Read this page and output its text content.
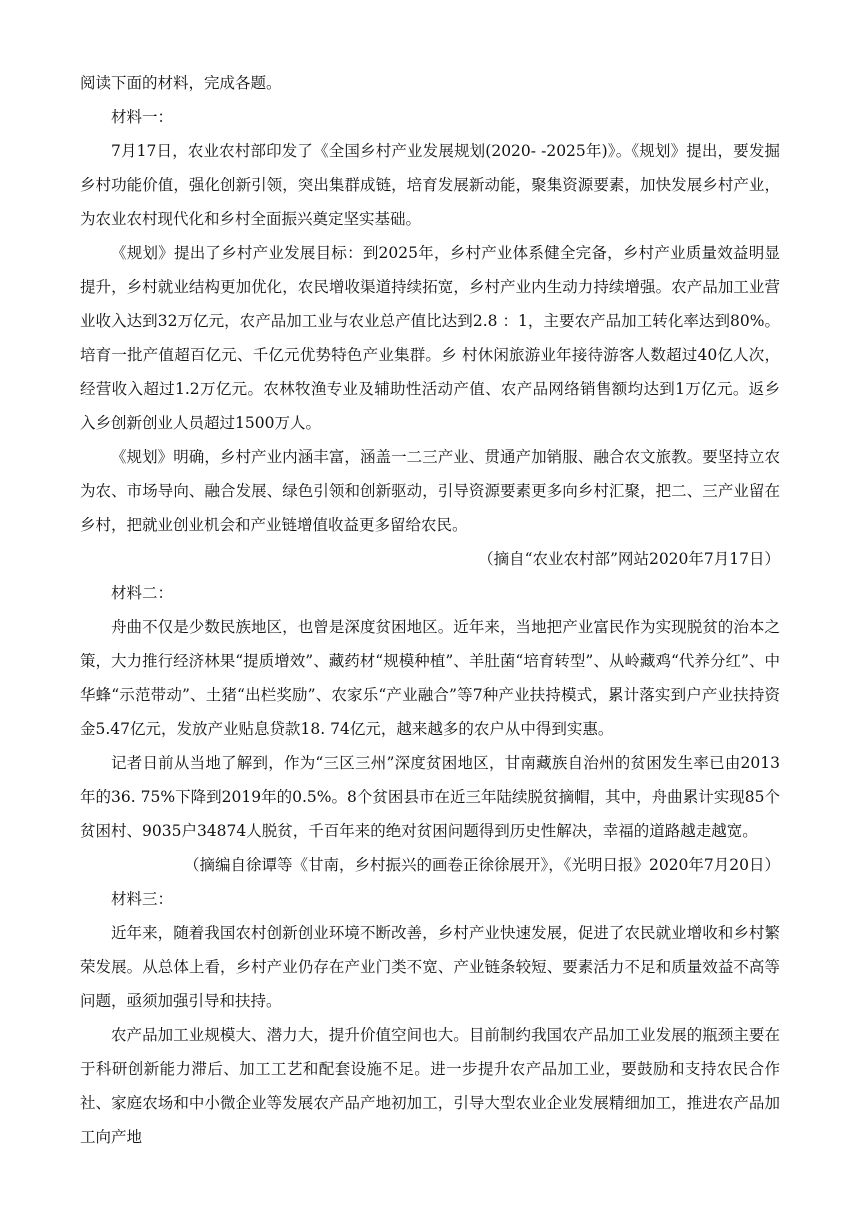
阅读下面的材料，完成各题。

材料一：

7月17日，农业农村部印发了《全国乡村产业发展规划(2020- -2025年)》。《规划》提出，要发掘乡村功能价值，强化创新引领，突出集群成链，培育发展新动能，聚集资源要素，加快发展乡村产业，为农业农村现代化和乡村全面振兴奠定坚实基础。

《规划》提出了乡村产业发展目标：到2025年，乡村产业体系健全完备，乡村产业质量效益明显提升，乡村就业结构更加优化，农民增收渠道持续拓宽，乡村产业内生动力持续增强。农产品加工业营业收入达到32万亿元，农产品加工业与农业总产值比达到2.8 ：1，主要农产品加工转化率达到80%。培育一批产值超百亿元、千亿元优势特色产业集群。乡 村休闲旅游业年接待游客人数超过40亿人次，经营收入超过1.2万亿元。农林牧渔专业及辅助性活动产值、农产品网络销售额均达到1万亿元。返乡入乡创新创业人员超过1500万人。

《规划》明确，乡村产业内涵丰富，涵盖一二三产业、贯通产加销服、融合农文旅教。要坚持立农为农、市场导向、融合发展、绿色引领和创新驱动，引导资源要素更多向乡村汇聚，把二、三产业留在乡村，把就业创业机会和产业链增值收益更多留给农民。

（摘自“农业农村部”网站2020年7月17日）

材料二：

舟曲不仅是少数民族地区，也曾是深度贫困地区。近年来，当地把产业富民作为实现脱贫的治本之策，大力推行经济林果“提质增效”、藏药材“规模种植”、羊肚菌“培育转型”、从岭藏鸡“代养分红”、中华蜂“示范带动”、土猪“出栏奖励”、农家乐“产业融合”等7种产业扶持模式，累计落实到户产业扶持资金5.47亿元，发放产业贴息贷款18. 74亿元，越来越多的农户从中得到实惠。

记者日前从当地了解到，作为“三区三州”深度贫困地区，甘南藏族自治州的贫困发生率已由2013年的36. 75%下降到2019年的0.5%。8个贫困县市在近三年陆续脱贫摘帽，其中，舟曲累计实现85个贫困村、9035户34874人脱贫，千百年来的绝对贫困问题得到历史性解决，幸福的道路越走越宽。

（摘编自徐谭等《甘南，乡村振兴的画卷正徐徐展开》，《光明日报》2020年7月20日）

材料三：

近年来，随着我国农村创新创业环境不断改善，乡村产业快速发展，促进了农民就业增收和乡村繁荣发展。从总体上看，乡村产业仍存在产业门类不宽、产业链条较短、要素活力不足和质量效益不高等问题，亟须加强引导和扶持。

农产品加工业规模大、潜力大，提升价值空间也大。目前制约我国农产品加工业发展的瓶颈主要在于科研创新能力滞后、加工工艺和配套设施不足。进一步提升农产品加工业，要鼓励和支持农民合作社、家庭农场和中小微企业等发展农产品产地初加工，引导大型农业企业发展精细加工，推进农产品加工向产地
